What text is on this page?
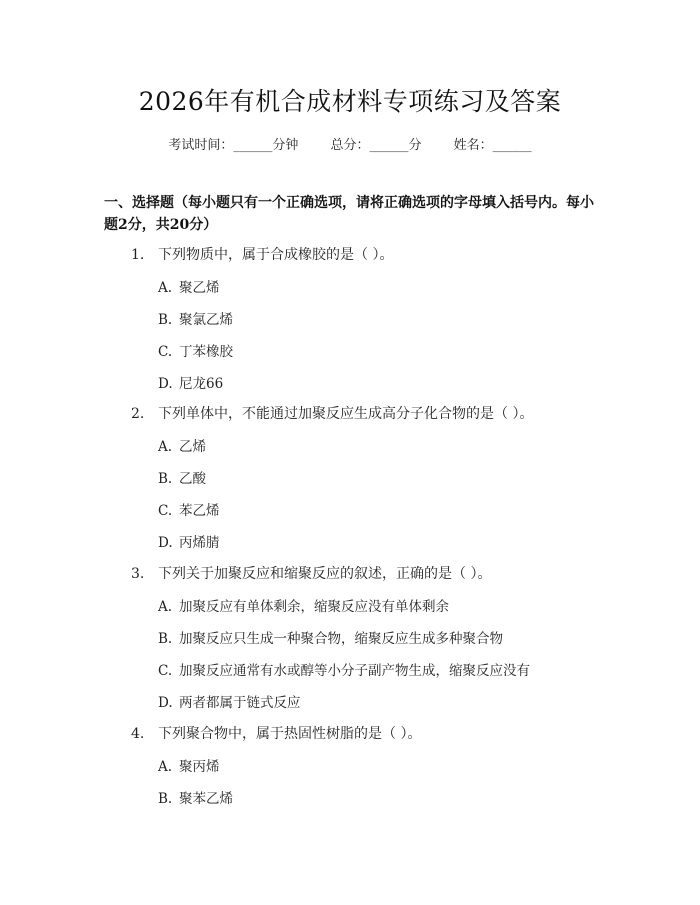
2026年有机合成材料专项练习及答案
考试时间：______分钟 总分：______分 姓名：______
一、选择题（每小题只有一个正确选项，请将正确选项的字母填入括号内。每小题2分，共20分）
1. 下列物质中，属于合成橡胶的是（ ）。
A. 聚乙烯
B. 聚氯乙烯
C. 丁苯橡胶
D. 尼龙66
2. 下列单体中，不能通过加聚反应生成高分子化合物的是（ ）。
A. 乙烯
B. 乙酸
C. 苯乙烯
D. 丙烯腈
3. 下列关于加聚反应和缩聚反应的叙述，正确的是（ ）。
A. 加聚反应有单体剩余，缩聚反应没有单体剩余
B. 加聚反应只生成一种聚合物，缩聚反应生成多种聚合物
C. 加聚反应通常有水或醇等小分子副产物生成，缩聚反应没有
D. 两者都属于链式反应
4. 下列聚合物中，属于热固性树脂的是（ ）。
A. 聚丙烯
B. 聚苯乙烯
